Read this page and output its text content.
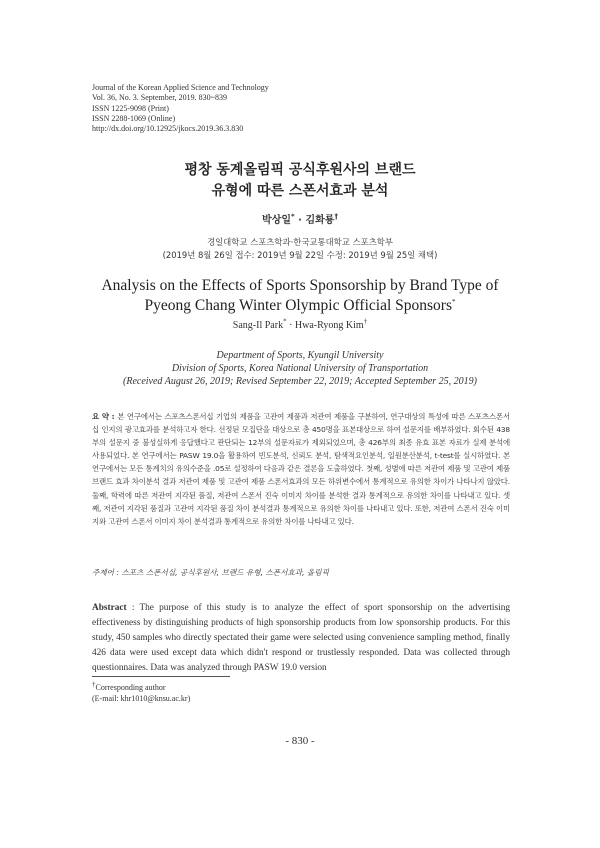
Journal of the Korean Applied Science and Technology
Vol. 36, No. 3. September, 2019. 830~839
ISSN 1225-9098 (Print)
ISSN 2288-1069 (Online)
http://dx.doi.org/10.12925/jkocs.2019.36.3.830
평창 동계올림픽 공식후원사의 브랜드
유형에 따른 스폰서효과 분석
박상일* · 김화룡†
경일대학교 스포츠학과·한국교통대학교 스포츠학부
(2019년 8월 26일 접수: 2019년 9월 22일 수정: 2019년 9월 25일 채택)
Analysis on the Effects of Sports Sponsorship by Brand Type of
Pyeong Chang Winter Olympic Official Sponsors*
Sang-Il Park* · Hwa-Ryong Kim†
Department of Sports, Kyungil University
Division of Sports, Korea National University of Transportation
(Received August 26, 2019; Revised September 22, 2019; Accepted September 25, 2019)
요 약 : 본 연구에서는 스포츠스폰서십 기업의 제품을 고관여 제품과 저관여 제품을 구분하여, 연구대상의 특성에 따른 스포츠스폰서십 인지의 광고효과를 분석하고자 한다. 선정된 모집단을 대상으로 총 450명을 표본대상으로 하여 설문지를 배부하였다. 회수된 438부의 설문지 중 불성실하게 응답했다고 판단되는 12부의 설문자료가 제외되었으며, 총 426부의 최종 유효 표본 자료가 실제 분석에 사용되었다. 본 연구에서는 PASW 19.0을 활용하여 빈도분석, 신뢰도 분석, 탐색적요인분석, 일원분산분석, t-test를 실시하였다. 본 연구에서는 모든 통계치의 유의수준을 .05로 설정하여 다음과 같은 결론을 도출하였다. 첫째, 성별에 따른 저관여 제품 및 고관여 제품 브랜드 효과 차이분석 결과 저관여 제품 및 고관여 제품 스폰서효과의 모든 하위변수에서 통계적으로 유의한 차이가 나타나지 않았다. 둘째, 학력에 따른 저관여 지각된 품질, 저관여 스폰서 진숙 이미지 차이를 분석한 결과 통계적으로 유의한 차이를 나타내고 있다. 셋째, 저관여 지각된 품질과 고관여 지각된 품질 차이 분석결과 통계적으로 유의한 차이를 나타내고 있다. 또한, 저관여 스폰서 진숙 이미지와 고관여 스폰서 이미지 차이 분석결과 통계적으로 유의한 차이를 나타내고 있다.
주제어 : 스포츠 스폰서십, 공식후원사, 브랜드 유형, 스폰서효과, 올림픽
Abstract : The purpose of this study is to analyze the effect of sport sponsorship on the advertising effectiveness by distinguishing products of high sponsorship products from low sponsorship products. For this study, 450 samples who directly spectated their game were selected using convenience sampling method, finally 426 data were used except data which didn't respond or trustlessly responded. Data was collected through questionnaires. Data was analyzed through PASW 19.0 version
†Corresponding author
(E-mail: khr1010@knsu.ac.kr)
- 830 -
